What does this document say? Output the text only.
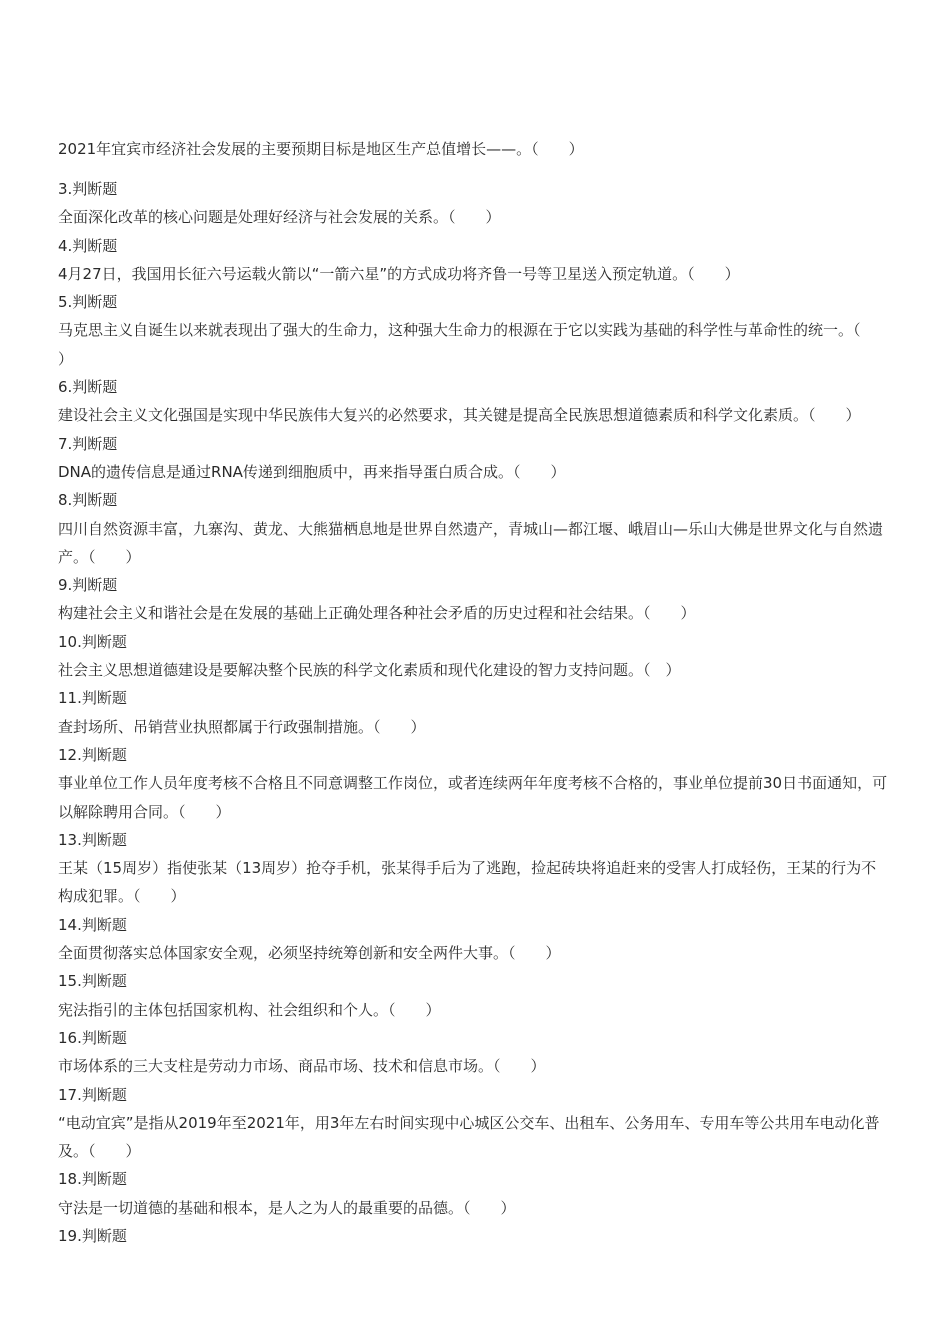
2021年宜宾市经济社会发展的主要预期目标是地区生产总值增长——。（　　）
3.判断题
全面深化改革的核心问题是处理好经济与社会发展的关系。（　　）
4.判断题
4月27日，我国用长征六号运载火箭以“一箭六星”的方式成功将齐鲁一号等卫星送入预定轨道。（　　）
5.判断题
马克思主义自诞生以来就表现出了强大的生命力，这种强大生命力的根源在于它以实践为基础的科学性与革命性的统一。（　　）
6.判断题
建设社会主义文化强国是实现中华民族伟大复兴的必然要求，其关键是提高全民族思想道德素质和科学文化素质。（　　）
7.判断题
DNA的遗传信息是通过RNA传递到细胞质中，再来指导蛋白质合成。（　　）
8.判断题
四川自然资源丰富，九寨沟、黄龙、大熊猫栖息地是世界自然遗产，青城山—都江堰、峨眉山—乐山大佛是世界文化与自然遗产。（　　）
9.判断题
构建社会主义和谐社会是在发展的基础上正确处理各种社会矛盾的历史过程和社会结果。（　　）
10.判断题
社会主义思想道德建设是要解决整个民族的科学文化素质和现代化建设的智力支持问题。（　）
11.判断题
查封场所、吊销营业执照都属于行政强制措施。（　　）
12.判断题
事业单位工作人员年度考核不合格且不同意调整工作岗位，或者连续两年年度考核不合格的，事业单位提前30日书面通知，可以解除聘用合同。（　　）
13.判断题
王某（15周岁）指使张某（13周岁）抢夺手机，张某得手后为了逃跑，捡起砖块将追赶来的受害人打成轻伤，王某的行为不构成犯罪。（　　）
14.判断题
全面贯彻落实总体国家安全观，必须坚持统筹创新和安全两件大事。（　　）
15.判断题
宪法指引的主体包括国家机构、社会组织和个人。（　　）
16.判断题
市场体系的三大支柱是劳动力市场、商品市场、技术和信息市场。（　　）
17.判断题
“电动宜宾”是指从2019年至2021年，用3年左右时间实现中心城区公交车、出租车、公务用车、专用车等公共用车电动化普及。（　　）
18.判断题
守法是一切道德的基础和根本，是人之为人的最重要的品德。（　　）
19.判断题
